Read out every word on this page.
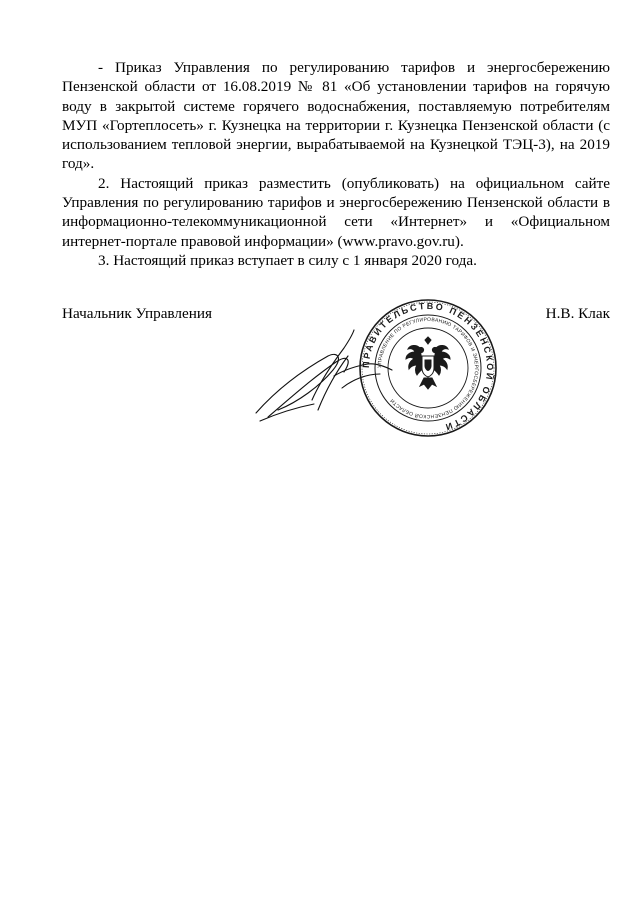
- Приказ Управления по регулированию тарифов и энергосбережению Пензенской области от 16.08.2019 № 81 «Об установлении тарифов на горячую воду в закрытой системе горячего водоснабжения, поставляемую потребителям МУП «Гортеплосеть» г. Кузнецка на территории г. Кузнецка Пензенской области (с использованием тепловой энергии, вырабатываемой на Кузнецкой ТЭЦ-3), на 2019 год».

2. Настоящий приказ разместить (опубликовать) на официальном сайте Управления по регулированию тарифов и энергосбережению Пензенской области в информационно-телекоммуникационной сети «Интернет» и «Официальном интернет-портале правовой информации» (www.pravo.gov.ru).

3. Настоящий приказ вступает в силу с 1 января 2020 года.

Начальник Управления	Н.В. Клак
ПРАВИТЕЛЬСТВО ПЕНЗЕНСКОЙ ОБЛАСТИ
УПРАВЛЕНИЕ ПО РЕГУЛИРОВАНИЮ ТАРИФОВ И ЭНЕРГОСБЕРЕЖЕНИЮ ПЕНЗЕНСКОЙ ОБЛАСТИ
